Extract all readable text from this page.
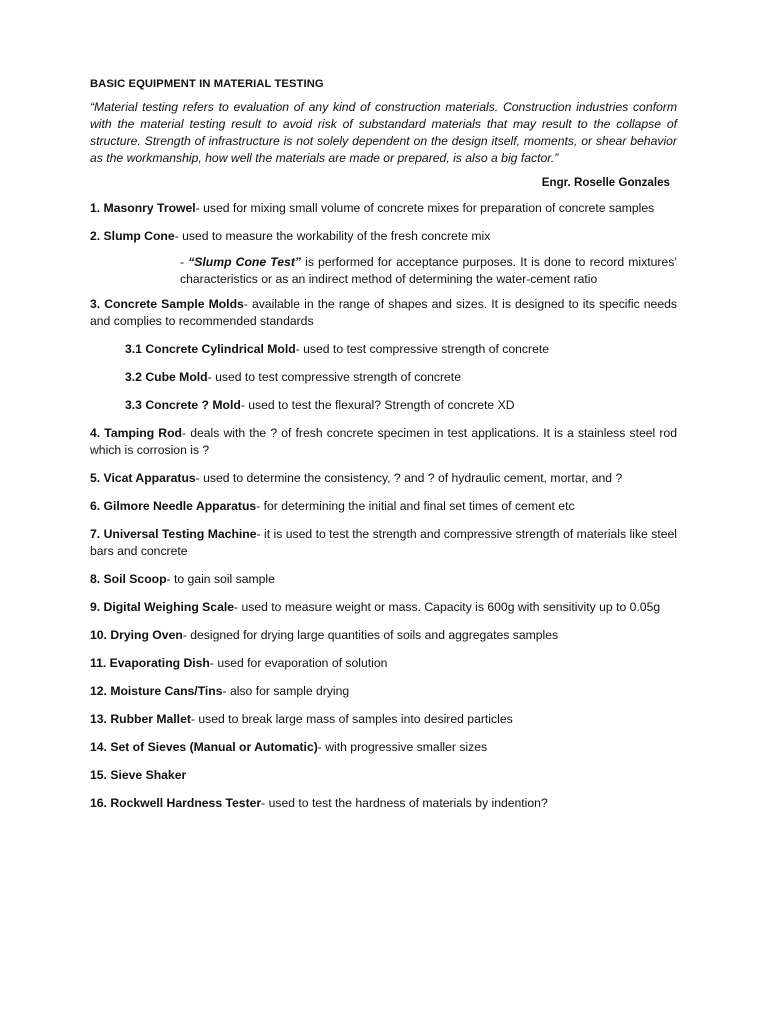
BASIC EQUIPMENT IN MATERIAL TESTING
“Material testing refers to evaluation of any kind of construction materials. Construction industries conform with the material testing result to avoid risk of substandard materials that may result to the collapse of structure. Strength of infrastructure is not solely dependent on the design itself, moments, or shear behavior as the workmanship, how well the materials are made or prepared, is also a big factor.”
Engr. Roselle Gonzales
1. Masonry Trowel- used for mixing small volume of concrete mixes for preparation of concrete samples
2. Slump Cone- used to measure the workability of the fresh concrete mix
- “Slump Cone Test” is performed for acceptance purposes. It is done to record mixtures’ characteristics or as an indirect method of determining the water-cement ratio
3. Concrete Sample Molds- available in the range of shapes and sizes. It is designed to its specific needs and complies to recommended standards
3.1 Concrete Cylindrical Mold- used to test compressive strength of concrete
3.2 Cube Mold- used to test compressive strength of concrete
3.3 Concrete ? Mold- used to test the flexural? Strength of concrete XD
4. Tamping Rod- deals with the ? of fresh concrete specimen in test applications. It is a stainless steel rod which is corrosion is ?
5. Vicat Apparatus- used to determine the consistency, ? and ? of hydraulic cement, mortar, and ?
6. Gilmore Needle Apparatus- for determining the initial and final set times of cement etc
7. Universal Testing Machine- it is used to test the strength and compressive strength of materials like steel bars and concrete
8. Soil Scoop- to gain soil sample
9. Digital Weighing Scale- used to measure weight or mass. Capacity is 600g with sensitivity up to 0.05g
10. Drying Oven- designed for drying large quantities of soils and aggregates samples
11. Evaporating Dish- used for evaporation of solution
12. Moisture Cans/Tins- also for sample drying
13. Rubber Mallet- used to break large mass of samples into desired particles
14. Set of Sieves (Manual or Automatic)- with progressive smaller sizes
15. Sieve Shaker
16. Rockwell Hardness Tester- used to test the hardness of materials by indention?
